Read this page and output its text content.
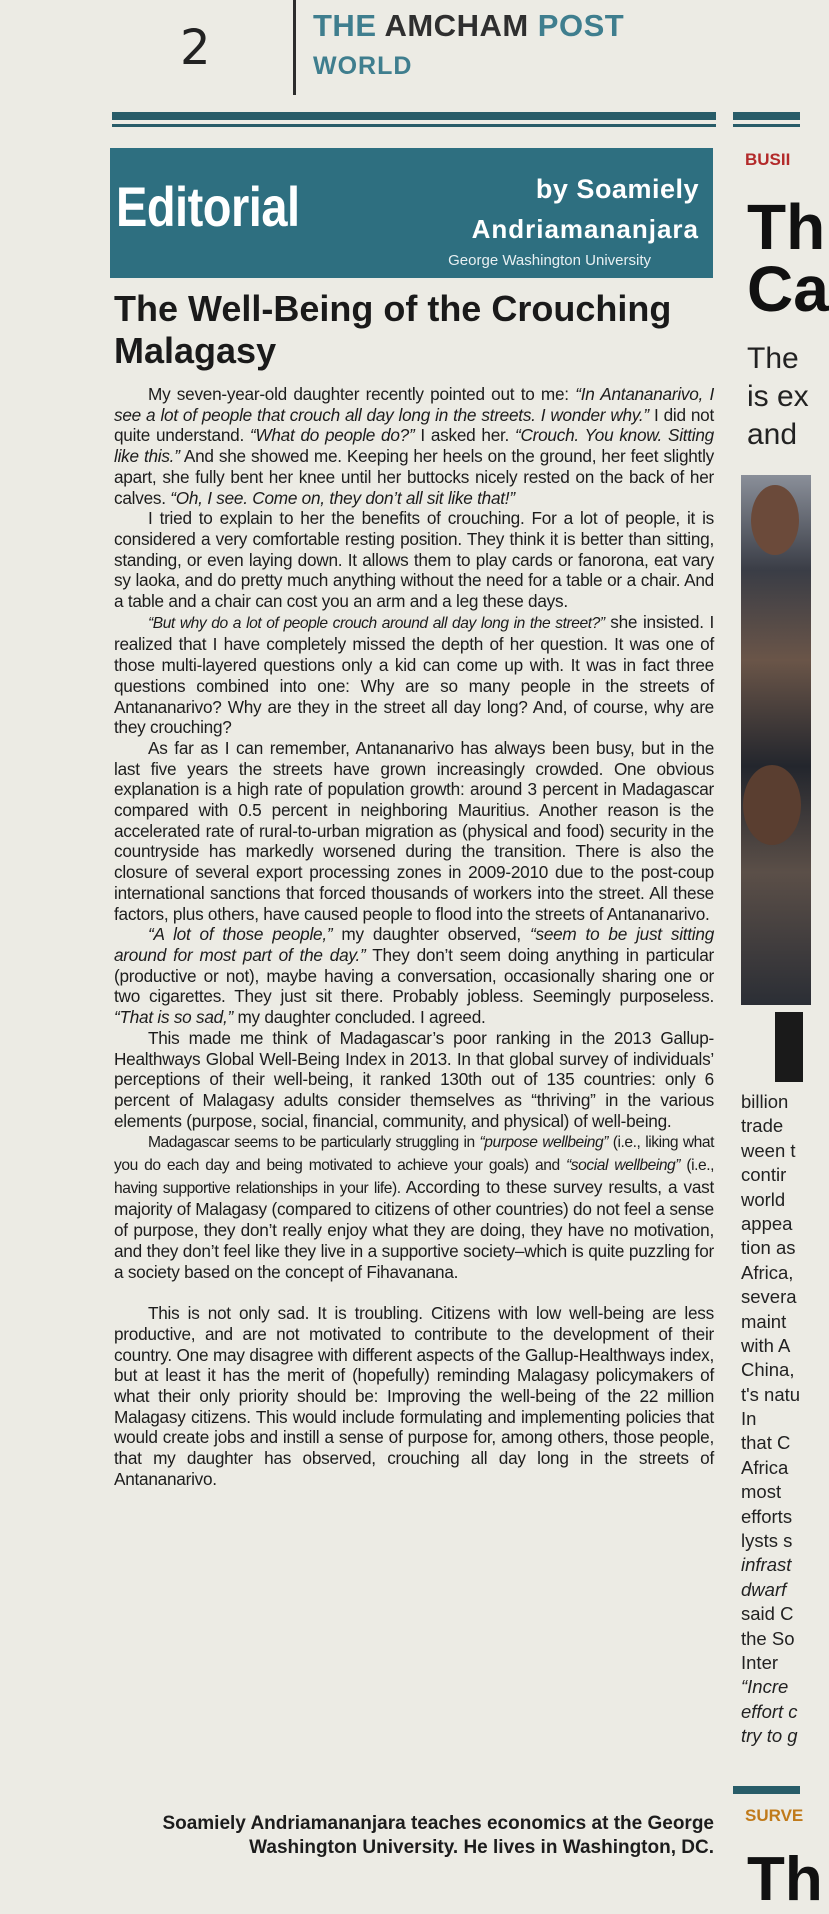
2	THE AMCHAM POST
WORLD
Editorial	by Soamiely
Andriamananjara
George Washington University
The Well-Being of the Crouching Malagasy

My seven-year-old daughter recently pointed out to me: “In Antananarivo, I see a lot of people that crouch all day long in the streets. I wonder why.” I did not quite understand. “What do people do?” I asked her. “Crouch. You know. Sitting like this.” And she showed me. Keeping her heels on the ground, her feet slightly apart, she fully bent her knee until her buttocks nicely rested on the back of her calves. “Oh, I see. Come on, they don’t all sit like that!”

I tried to explain to her the benefits of crouching. For a lot of people, it is considered a very comfortable resting position. They think it is better than sitting, standing, or even laying down. It allows them to play cards or fanorona, eat vary sy laoka, and do pretty much anything without the need for a table or a chair. And a table and a chair can cost you an arm and a leg these days.

“But why do a lot of people crouch around all day long in the street?” she insisted. I realized that I have completely missed the depth of her question. It was one of those multi-layered questions only a kid can come up with. It was in fact three questions combined into one: Why are so many people in the streets of Antananarivo? Why are they in the street all day long? And, of course, why are they crouching?

As far as I can remember, Antananarivo has always been busy, but in the last five years the streets have grown increasingly crowded. One obvious explanation is a high rate of population growth: around 3 percent in Madagascar compared with 0.5 percent in neighboring Mauritius. Another reason is the accelerated rate of rural-to-urban migration as (physical and food) security in the countryside has markedly worsened during the transition. There is also the closure of several export processing zones in 2009-2010 due to the post-coup international sanctions that forced thousands of workers into the street. All these factors, plus others, have caused people to flood into the streets of Antananarivo.

“A lot of those people,” my daughter observed, “seem to be just sitting around for most part of the day.” They don’t seem doing anything in particular (productive or not), maybe having a conversation, occasionally sharing one or two cigarettes. They just sit there. Probably jobless. Seemingly purposeless. “That is so sad,” my daughter concluded. I agreed.

This made me think of Madagascar’s poor ranking in the 2013 Gallup-Healthways Global Well-Being Index in 2013. In that global survey of individuals’ perceptions of their well-being, it ranked 130th out of 135 countries: only 6 percent of Malagasy adults consider themselves as “thriving” in the various elements (purpose, social, financial, community, and physical) of well-being.

Madagascar seems to be particularly struggling in “purpose wellbeing” (i.e., liking what you do each day and being motivated to achieve your goals) and “social wellbeing” (i.e., having supportive relationships in your life). According to these survey results, a vast majority of Malagasy (compared to citizens of other countries) do not feel a sense of purpose, they don’t really enjoy what they are doing, they have no motivation, and they don’t feel like they live in a supportive society–which is quite puzzling for a society based on the concept of Fihavanana.

This is not only sad. It is troubling. Citizens with low well-being are less productive, and are not motivated to contribute to the development of their country. One may disagree with different aspects of the Gallup-Healthways index, but at least it has the merit of (hopefully) reminding Malagasy policymakers of what their only priority should be: Improving the well-being of the 22 million Malagasy citizens. This would include formulating and implementing policies that would create jobs and instill a sense of purpose for, among others, those people, that my daughter has observed, crouching all day long in the streets of Antananarivo.

Soamiely Andriamananjara teaches economics at the George Washington University. He lives in Washington, DC.

BUSII
Th
Ca
The
is ex
and
billion
trade
ween t
contir
world
appea
tion as
Africa,
severa
maint
with A
China,
t's natu
In
that C
Africa
most
efforts
lysts s
infrast
dwarf
said C
the So
Inter
“Incre
effort c
try to g
SURVE
Th
